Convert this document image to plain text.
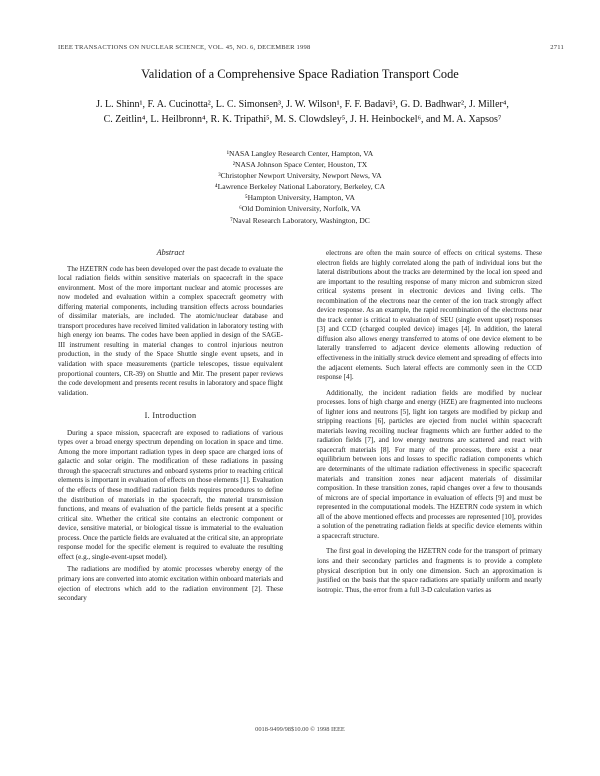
IEEE TRANSACTIONS ON NUCLEAR SCIENCE, VOL. 45, NO. 6, DECEMBER 1998	2711
Validation of a Comprehensive Space Radiation Transport Code
J. L. Shinn¹, F. A. Cucinotta², L. C. Simonsen³, J. W. Wilson¹, F. F. Badavi³, G. D. Badhwar², J. Miller⁴,
C. Zeitlin⁴, L. Heilbronn⁴, R. K. Tripathi⁵, M. S. Clowdsley⁵, J. H. Heinbockel⁶, and M. A. Xapsos⁷
¹NASA Langley Research Center, Hampton, VA
²NASA Johnson Space Center, Houston, TX
³Christopher Newport University, Newport News, VA
⁴Lawrence Berkeley National Laboratory, Berkeley, CA
⁵Hampton University, Hampton, VA
⁶Old Dominion University, Norfolk, VA
⁷Naval Research Laboratory, Washington, DC
Abstract

The HZETRN code has been developed over the past decade to evaluate the local radiation fields within sensitive materials on spacecraft in the space environment. Most of the more important nuclear and atomic processes are now modeled and evaluation within a complex spacecraft geometry with differing material components, including transition effects across boundaries of dissimilar materials, are included. The atomic/nuclear database and transport procedures have received limited validation in laboratory testing with high energy ion beams. The codes have been applied in design of the SAGE-III instrument resulting in material changes to control injurious neutron production, in the study of the Space Shuttle single event upsets, and in validation with space measurements (particle telescopes, tissue equivalent proportional counters, CR-39) on Shuttle and Mir. The present paper reviews the code development and presents recent results in laboratory and space flight validation.

I. Introduction

During a space mission, spacecraft are exposed to radiations of various types over a broad energy spectrum depending on location in space and time. Among the more important radiation types in deep space are charged ions of galactic and solar origin. The modification of these radiations in passing through the spacecraft structures and onboard systems prior to reaching critical elements is important in evaluation of effects on those elements [1]. Evaluation of the effects of these modified radiation fields requires procedures to define the distribution of materials in the spacecraft, the material transmission functions, and means of evaluation of the particle fields present at a specific critical site. Whether the critical site contains an electronic component or device, sensitive material, or biological tissue is immaterial to the evaluation process. Once the particle fields are evaluated at the critical site, an appropriate response model for the specific element is required to evaluate the resulting effect (e.g., single-event-upset model).

The radiations are modified by atomic processes whereby energy of the primary ions are converted into atomic excitation within onboard materials and ejection of electrons which add to the radiation environment [2]. These secondary

electrons are often the main source of effects on critical systems. These electron fields are highly correlated along the path of individual ions but the lateral distributions about the tracks are determined by the local ion speed and are important to the resulting response of many micron and submicron sized critical systems present in electronic devices and living cells. The recombination of the electrons near the center of the ion track strongly affect device response. As an example, the rapid recombination of the electrons near the track center is critical to evaluation of SEU (single event upset) responses [3] and CCD (charged coupled device) images [4]. In addition, the lateral diffusion also allows energy transferred to atoms of one device element to be laterally transferred to adjacent device elements allowing reduction of effectiveness in the initially struck device element and spreading of effects into the adjacent elements. Such lateral effects are commonly seen in the CCD response [4].

Additionally, the incident radiation fields are modified by nuclear processes. Ions of high charge and energy (HZE) are fragmented into nucleons of lighter ions and neutrons [5], light ion targets are modified by pickup and stripping reactions [6], particles are ejected from nuclei within spacecraft materials leaving recoiling nuclear fragments which are further added to the radiation fields [7], and low energy neutrons are scattered and react with spacecraft materials [8]. For many of the processes, there exist a near equilibrium between ions and losses to specific radiation components which are determinants of the ultimate radiation effectiveness in specific spacecraft materials and transition zones near adjacent materials of dissimilar composition. In these transition zones, rapid changes over a few to thousands of microns are of special importance in evaluation of effects [9] and must be represented in the computational models. The HZETRN code system in which all of the above mentioned effects and processes are represented [10], provides a solution of the penetrating radiation fields at specific device elements within a spacecraft structure.

The first goal in developing the HZETRN code for the transport of primary ions and their secondary particles and fragments is to provide a complete physical description but in only one dimension. Such an approximation is justified on the basis that the space radiations are spatially uniform and nearly isotropic. Thus, the error from a full 3-D calculation varies as

0018-9499/98$10.00 © 1998 IEEE
